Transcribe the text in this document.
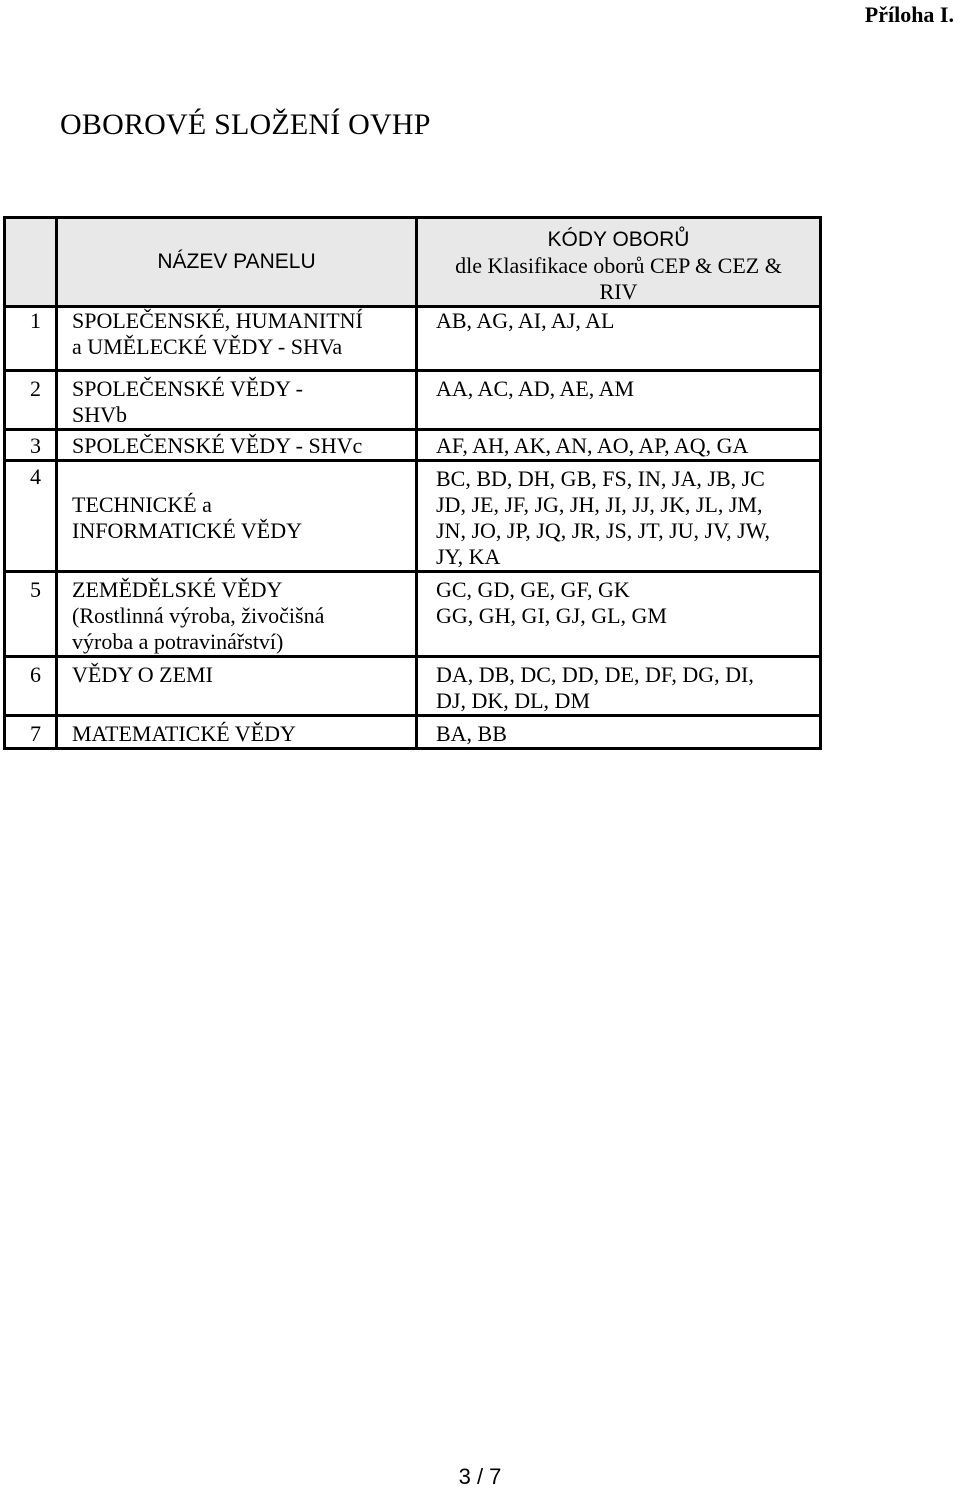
Příloha I.
OBOROVÉ SLOŽENÍ OVHP
	NÁZEV PANELU	KÓDY OBORŮ
dle Klasifikace oborů CEP & CEZ &
RIV

1	SPOLEČENSKÉ, HUMANITNÍ
a UMĚLECKÉ VĚDY - SHVa	AB, AG, AI, AJ, AL

2	SPOLEČENSKÉ VĚDY -
SHVb	AA, AC, AD, AE, AM

3	SPOLEČENSKÉ VĚDY - SHVc	AF, AH, AK, AN, AO, AP, AQ, GA

4	TECHNICKÉ a
INFORMATICKÉ VĚDY	BC, BD, DH, GB, FS, IN, JA, JB, JC
JD, JE, JF, JG, JH, JI, JJ, JK, JL, JM,
JN, JO, JP, JQ, JR, JS, JT, JU, JV, JW,
JY, KA

5	ZEMĚDĚLSKÉ VĚDY
(Rostlinná výroba, živočišná
výroba a potravinářství)	GC, GD, GE, GF, GK
GG, GH, GI, GJ, GL, GM

6	VĚDY O ZEMI	DA, DB, DC, DD, DE, DF, DG, DI,
DJ, DK, DL, DM

7	MATEMATICKÉ VĚDY	BA, BB
3 / 7
